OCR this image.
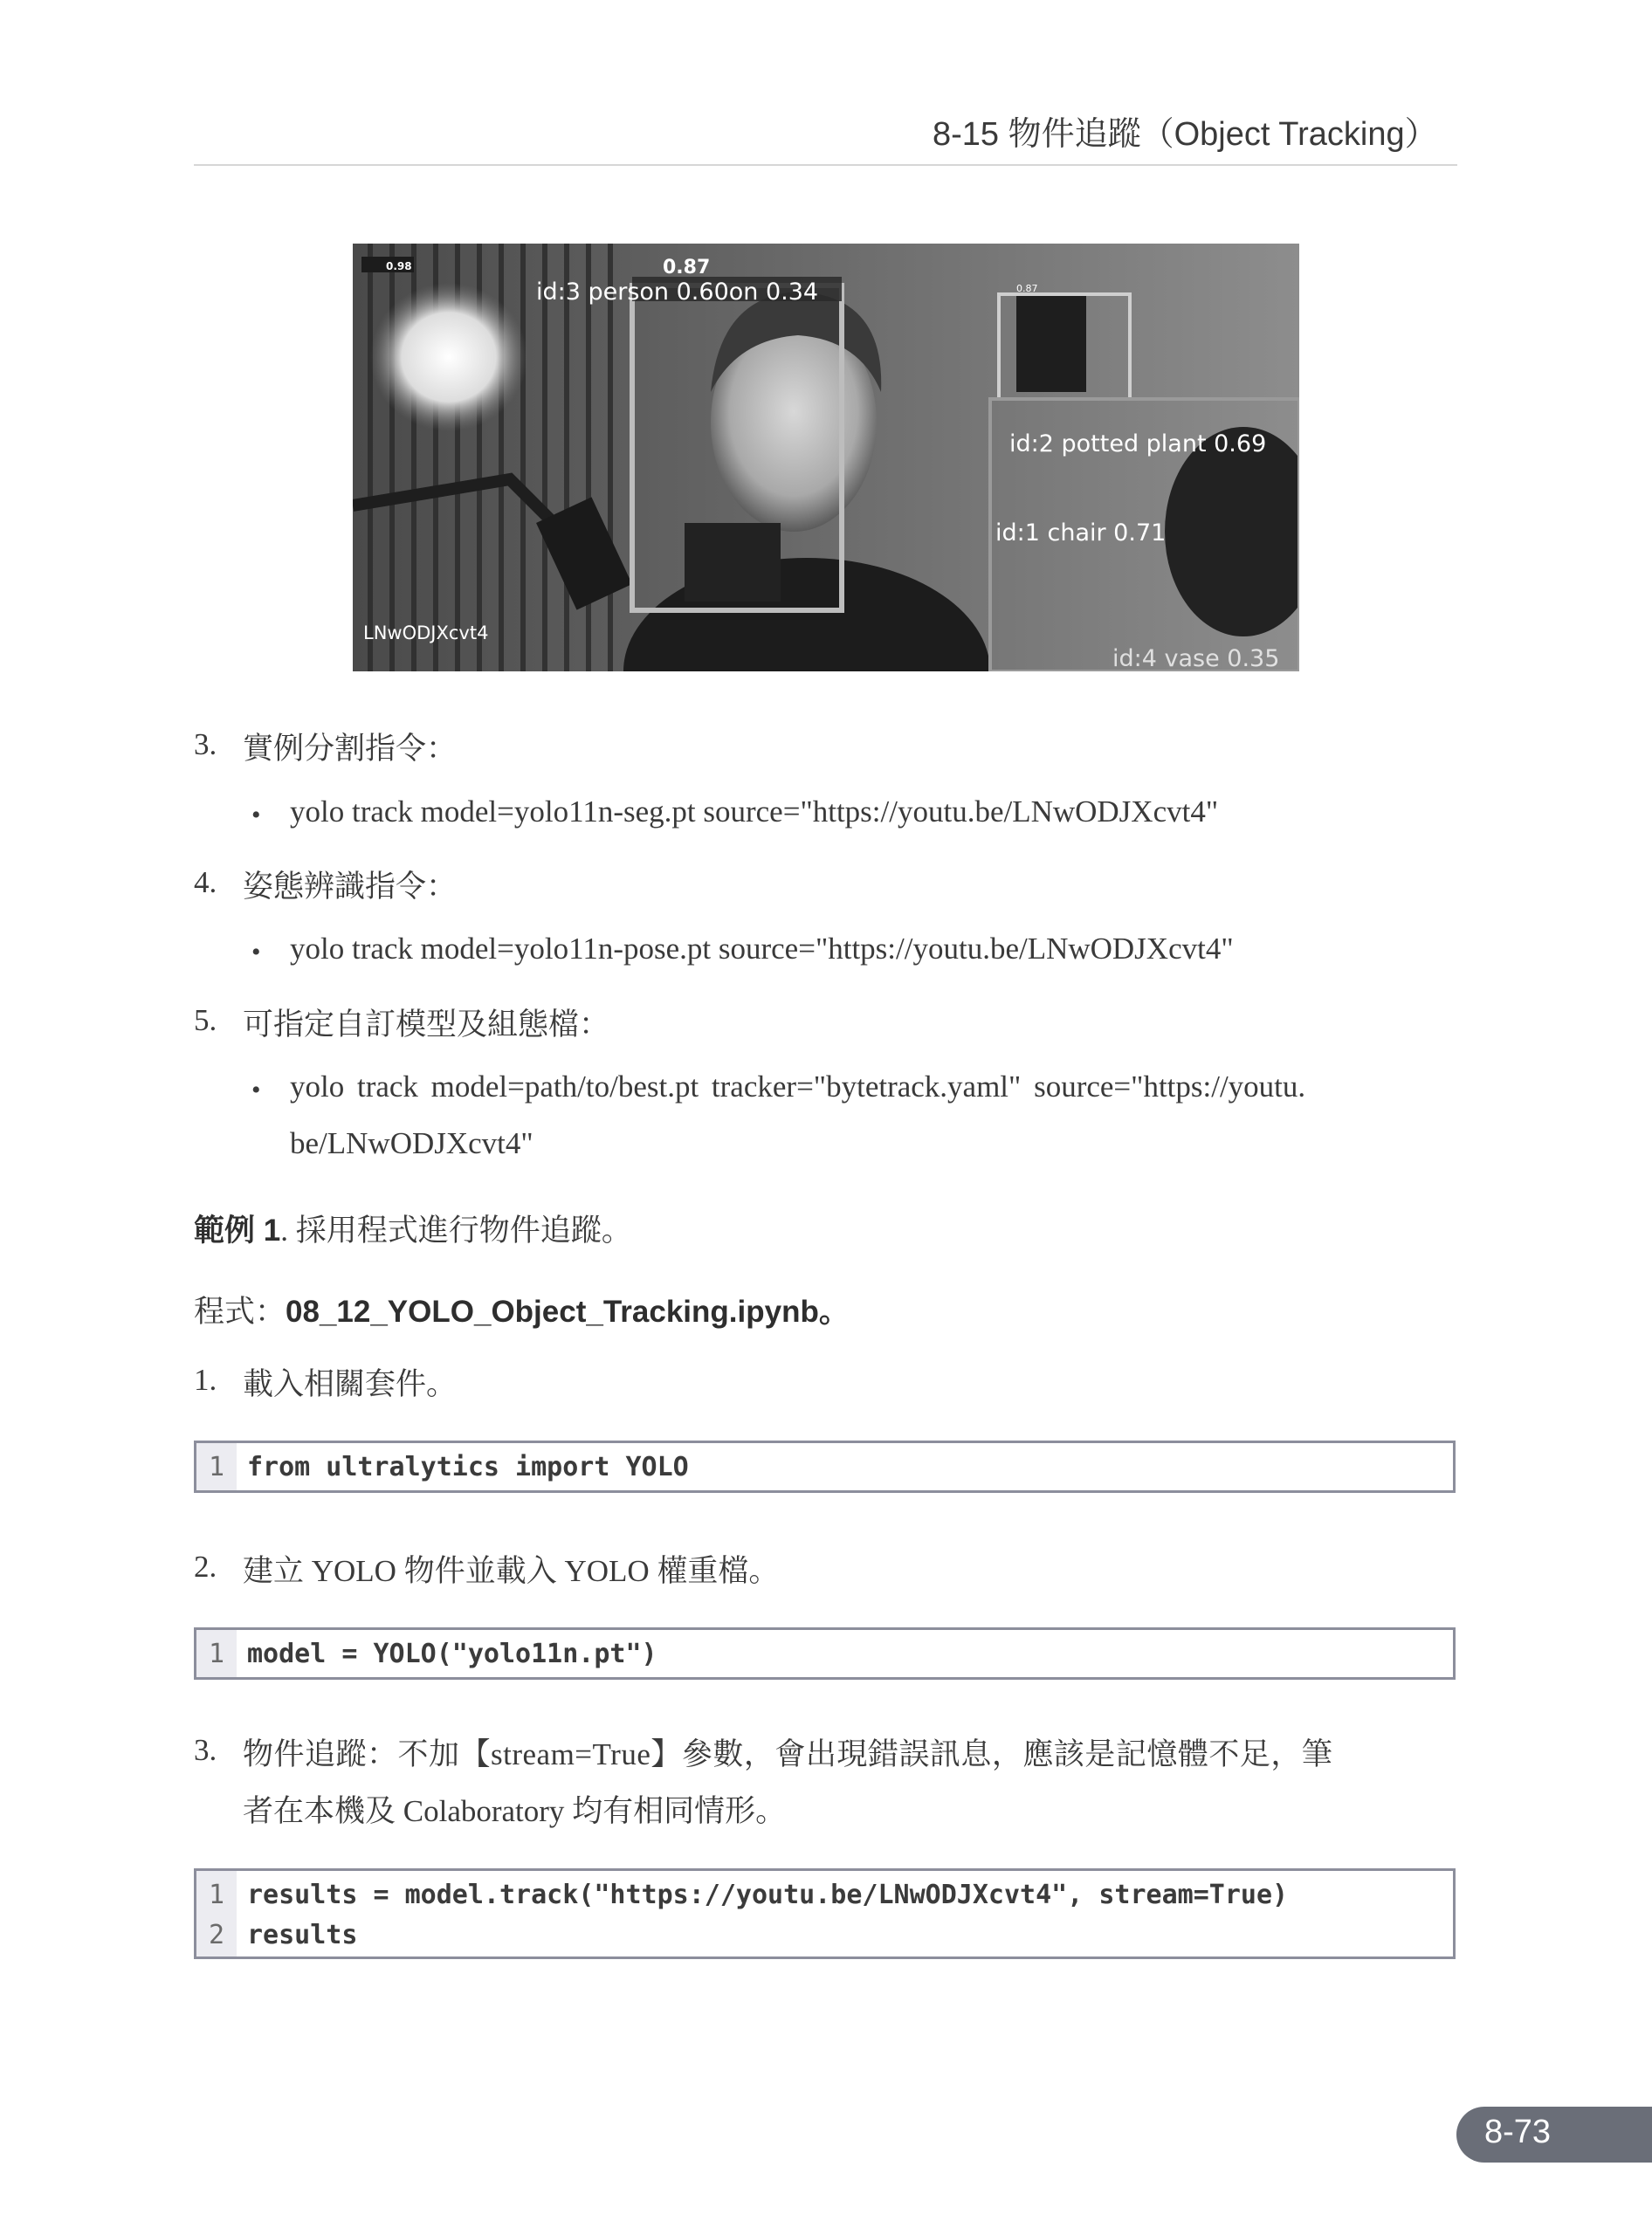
8-15 物件追蹤（Object Tracking）
0.98	0.87
id:3 person 0.60on 0.34	0.87
id:2 potted plant 0.69
id:1 chair 0.71
LNwODJXcvt4
id:4 vase 0.35
3. 實例分割指令：
• yolo track model=yolo11n-seg.pt source="https://youtu.be/LNwODJXcvt4"
4. 姿態辨識指令：
• yolo track model=yolo11n-pose.pt source="https://youtu.be/LNwODJXcvt4"
5. 可指定自訂模型及組態檔：
• yolo track model=path/to/best.pt tracker="bytetrack.yaml" source="https://youtu.
be/LNwODJXcvt4"
範例 1. 採用程式進行物件追蹤。
程式：08_12_YOLO_Object_Tracking.ipynb。
1. 載入相關套件。

1

from ultralytics import YOLO

2. 建立 YOLO 物件並載入 YOLO 權重檔。

1

model = YOLO("yolo11n.pt")

3. 物件追蹤：不加【stream=True】參數，會出現錯誤訊息，應該是記憶體不足，筆
者在本機及 Colaboratory 均有相同情形。

1

results = model.track("https://youtu.be/LNwODJXcvt4", stream=True)

2

results

8-73
